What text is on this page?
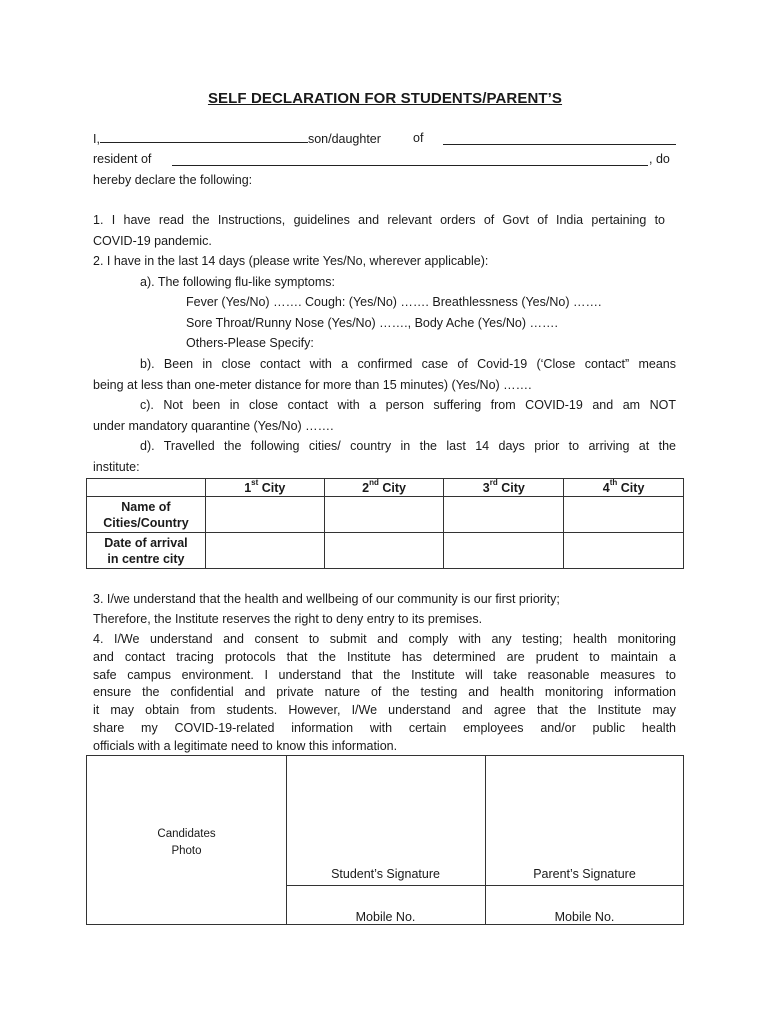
SELF DECLARATION FOR STUDENTS/PARENT’S
I,	son/daughter	of
resident of	, do
hereby declare the following:
1. I have read the Instructions, guidelines and relevant orders of Govt of India pertaining to
COVID-19 pandemic.
2. I have in the last 14 days (please write Yes/No, wherever applicable):
a). The following flu-like symptoms:
Fever (Yes/No) ……. Cough: (Yes/No) ……. Breathlessness (Yes/No) …….
Sore Throat/Runny Nose (Yes/No) ……., Body Ache (Yes/No) …….
Others-Please Specify:
b). Been in close contact with a confirmed case of Covid-19 (‘Close contact” means
being at less than one-meter distance for more than 15 minutes) (Yes/No) …….
c). Not been in close contact with a person suffering from COVID-19 and am NOT
under mandatory quarantine (Yes/No) …….
d). Travelled the following cities/ country in the last 14 days prior to arriving at the
institute:
	1st City	2nd City	3rd City	4th City

Name of
Cities/Country				

Date of arrival
in centre city				

3. I/we understand that the health and wellbeing of our community is our first priority;
Therefore, the Institute reserves the right to deny entry to its premises.
4. I/We understand and consent to submit and comply with any testing; health monitoring
and contact tracing protocols that the Institute has determined are prudent to maintain a
safe campus environment. I understand that the Institute will take reasonable measures to
ensure the confidential and private nature of the testing and health monitoring information
it may obtain from students. However, I/We understand and agree that the Institute may
share my COVID-19-related information with certain employees and/or public health
officials with a legitimate need to know this information.
Candidates
Photo
Student’s Signature	Parent’s Signature
Mobile No.	Mobile No.
